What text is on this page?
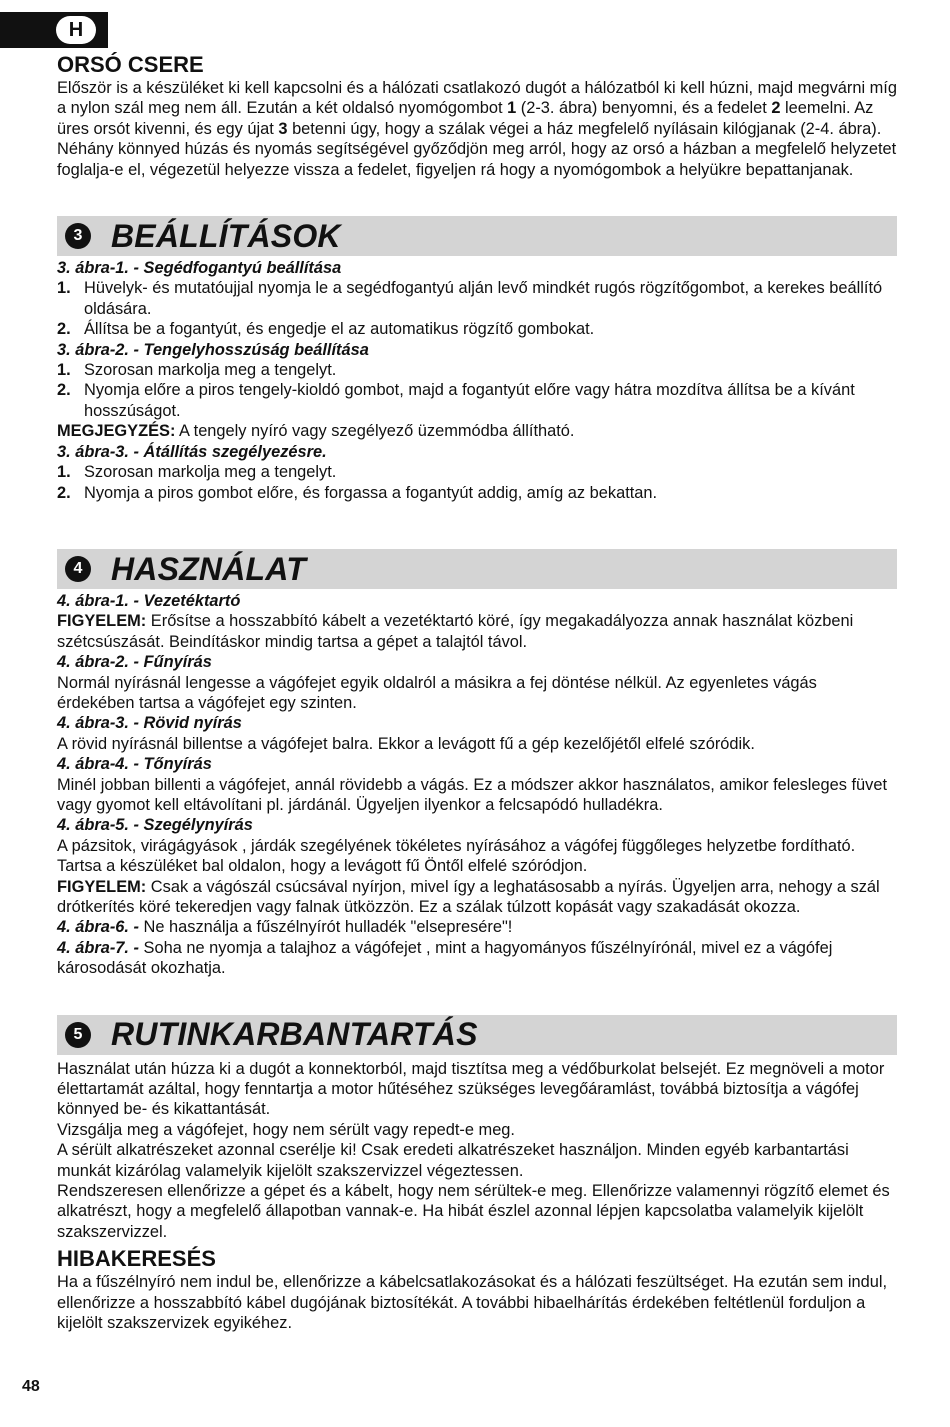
H
ORSÓ CSERE

Először is a készüléket ki kell kapcsolni és a hálózati csatlakozó dugót a hálózatból ki kell húzni, majd megvárni míg a nylon szál meg nem áll. Ezután a két oldalsó nyomógombot 1 (2-3. ábra) benyomni, és a fedelet 2 leemelni. Az üres orsót kivenni, és egy újat 3 betenni úgy, hogy a szálak végei a ház megfelelő nyílásain kilógjanak (2-4. ábra). Néhány könnyed húzás és nyomás segítségével győződjön meg arról, hogy az orsó a házban a megfelelő helyzetet foglalja-e el, végezetül helyezze vissza a fedelet, figyeljen rá hogy a nyomógombok a helyükre bepattanjanak.

3 BEÁLLÍTÁSOK

3. ábra-1. - Segédfogantyú beállítása

1. Hüvelyk- és mutatóujjal nyomja le a segédfogantyú alján levő mindkét rugós rögzítőgombot, a kerekes beállító oldására.
2. Állítsa be a fogantyút, és engedje el az automatikus rögzítő gombokat.

3. ábra-2. - Tengelyhosszúság beállítása

1. Szorosan markolja meg a tengelyt.
2. Nyomja előre a piros tengely-kioldó gombot, majd a fogantyút előre vagy hátra mozdítva állítsa be a kívánt hosszúságot.

MEGJEGYZÉS: A tengely nyíró vagy szegélyező üzemmódba állítható.

3. ábra-3. - Átállítás szegélyezésre.

1. Szorosan markolja meg a tengelyt.
2. Nyomja a piros gombot előre, és forgassa a fogantyút addig, amíg az bekattan.
4 HASZNÁLAT

4. ábra-1. - Vezetéktartó

FIGYELEM: Erősítse a hosszabbító kábelt a vezetéktartó köré, így megakadályozza annak használat közbeni szétcsúszását. Beindításkor mindig tartsa a gépet a talajtól távol.

4. ábra-2. - Fűnyírás

Normál nyírásnál lengesse a vágófejet egyik oldalról a másikra a fej döntése nélkül. Az egyenletes vágás érdekében tartsa a vágófejet egy szinten.

4. ábra-3. - Rövid nyírás

A rövid nyírásnál billentse a vágófejet balra. Ekkor a levágott fű a gép kezelőjétől elfelé szóródik.

4. ábra-4. - Tőnyírás

Minél jobban billenti a vágófejet, annál rövidebb a vágás. Ez a módszer akkor használatos, amikor felesleges füvet vagy gyomot kell eltávolítani pl. járdánál. Ügyeljen ilyenkor a felcsapódó hulladékra.

4. ábra-5. - Szegélynyírás

A pázsitok, virágágyások , járdák szegélyének tökéletes nyírásához a vágófej függőleges helyzetbe fordítható. Tartsa a készüléket bal oldalon, hogy a levágott fű Öntől elfelé szóródjon.

FIGYELEM: Csak a vágószál csúcsával nyírjon, mivel így a leghatásosabb a nyírás. Ügyeljen arra, nehogy a szál drótkerítés köré tekeredjen vagy falnak ütközzön. Ez a szálak túlzott kopását vagy szakadását okozza.

4. ábra-6. - Ne használja a fűszélnyírót hulladék "elsepresére"!

4. ábra-7. - Soha ne nyomja a talajhoz a vágófejet , mint a hagyományos fűszélnyírónál, mivel ez a vágófej károsodását okozhatja.

5 RUTINKARBANTARTÁS

Használat után húzza ki a dugót a konnektorból, majd tisztítsa meg a védőburkolat belsejét. Ez megnöveli a motor élettartamát azáltal, hogy fenntartja a motor hűtéséhez szükséges levegőáramlást, továbbá biztosítja a vágófej könnyed be- és kikattantását.

Vizsgálja meg a vágófejet, hogy nem sérült vagy repedt-e meg.

A sérült alkatrészeket azonnal cserélje ki! Csak eredeti alkatrészeket használjon. Minden egyéb karbantartási munkát kizárólag valamelyik kijelölt szakszervizzel végeztessen.

Rendszeresen ellenőrizze a gépet és a kábelt, hogy nem sérültek-e meg. Ellenőrizze valamennyi rögzítő elemet és alkatrészt, hogy a megfelelő állapotban vannak-e. Ha hibát észlel azonnal lépjen kapcsolatba valamelyik kijelölt szakszervizzel.

HIBAKERESÉS

Ha a fűszélnyíró nem indul be, ellenőrizze a kábelcsatlakozásokat és a hálózati feszültséget. Ha ezután sem indul, ellenőrizze a hosszabbító kábel dugójának biztosítékát. A további hibaelhárítás érdekében feltétlenül forduljon a kijelölt szakszervizek egyikéhez.

48
